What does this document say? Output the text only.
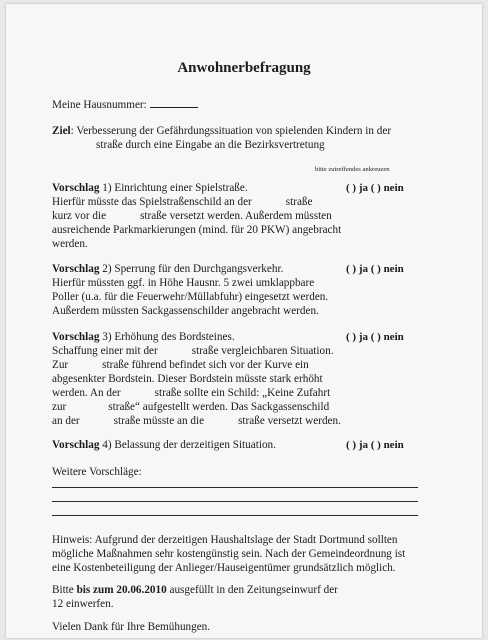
Anwohnerbefragung
Meine Hausnummer:
Ziel: Verbesserung der Gefährdungssituation von spielenden Kindern in der
straße durch eine Eingabe an die Bezirksvertretung
bitte zutreffendes ankreuzen
Vorschlag 1) Einrichtung einer Spielstraße.	( ) ja ( ) nein
Hierfür müsste das Spielstraßenschild an der	straße
kurz vor die	straße versetzt werden. Außerdem müssten
ausreichende Parkmarkierungen (mind. für 20 PKW) angebracht
werden.
Vorschlag 2) Sperrung für den Durchgangsverkehr.	( ) ja ( ) nein
Hierfür müssten ggf. in Höhe Hausnr. 5 zwei umklappbare
Poller (u.a. für die Feuerwehr/Müllabfuhr) eingesetzt werden.
Außerdem müssten Sackgassenschilder angebracht werden.
Vorschlag 3) Erhöhung des Bordsteines.	( ) ja ( ) nein
Schaffung einer mit der	straße vergleichbaren Situation.
Zur	straße führend befindet sich vor der Kurve ein
abgesenkter Bordstein. Dieser Bordstein müsste stark erhöht
werden. An der	straße sollte ein Schild: „Keine Zufahrt
zur	straße“ aufgestellt werden. Das Sackgassenschild
an der	straße müsste an die	straße versetzt werden.
Vorschlag 4) Belassung der derzeitigen Situation.	( ) ja ( ) nein
Weitere Vorschläge:
Hinweis: Aufgrund der derzeitigen Haushaltslage der Stadt Dortmund sollten
mögliche Maßnahmen sehr kostengünstig sein. Nach der Gemeindeordnung ist
eine Kostenbeteiligung der Anlieger/Hauseigentümer grundsätzlich möglich.
Bitte bis zum 20.06.2010 ausgefüllt in den Zeitungseinwurf der
12 einwerfen.
Vielen Dank für Ihre Bemühungen.
